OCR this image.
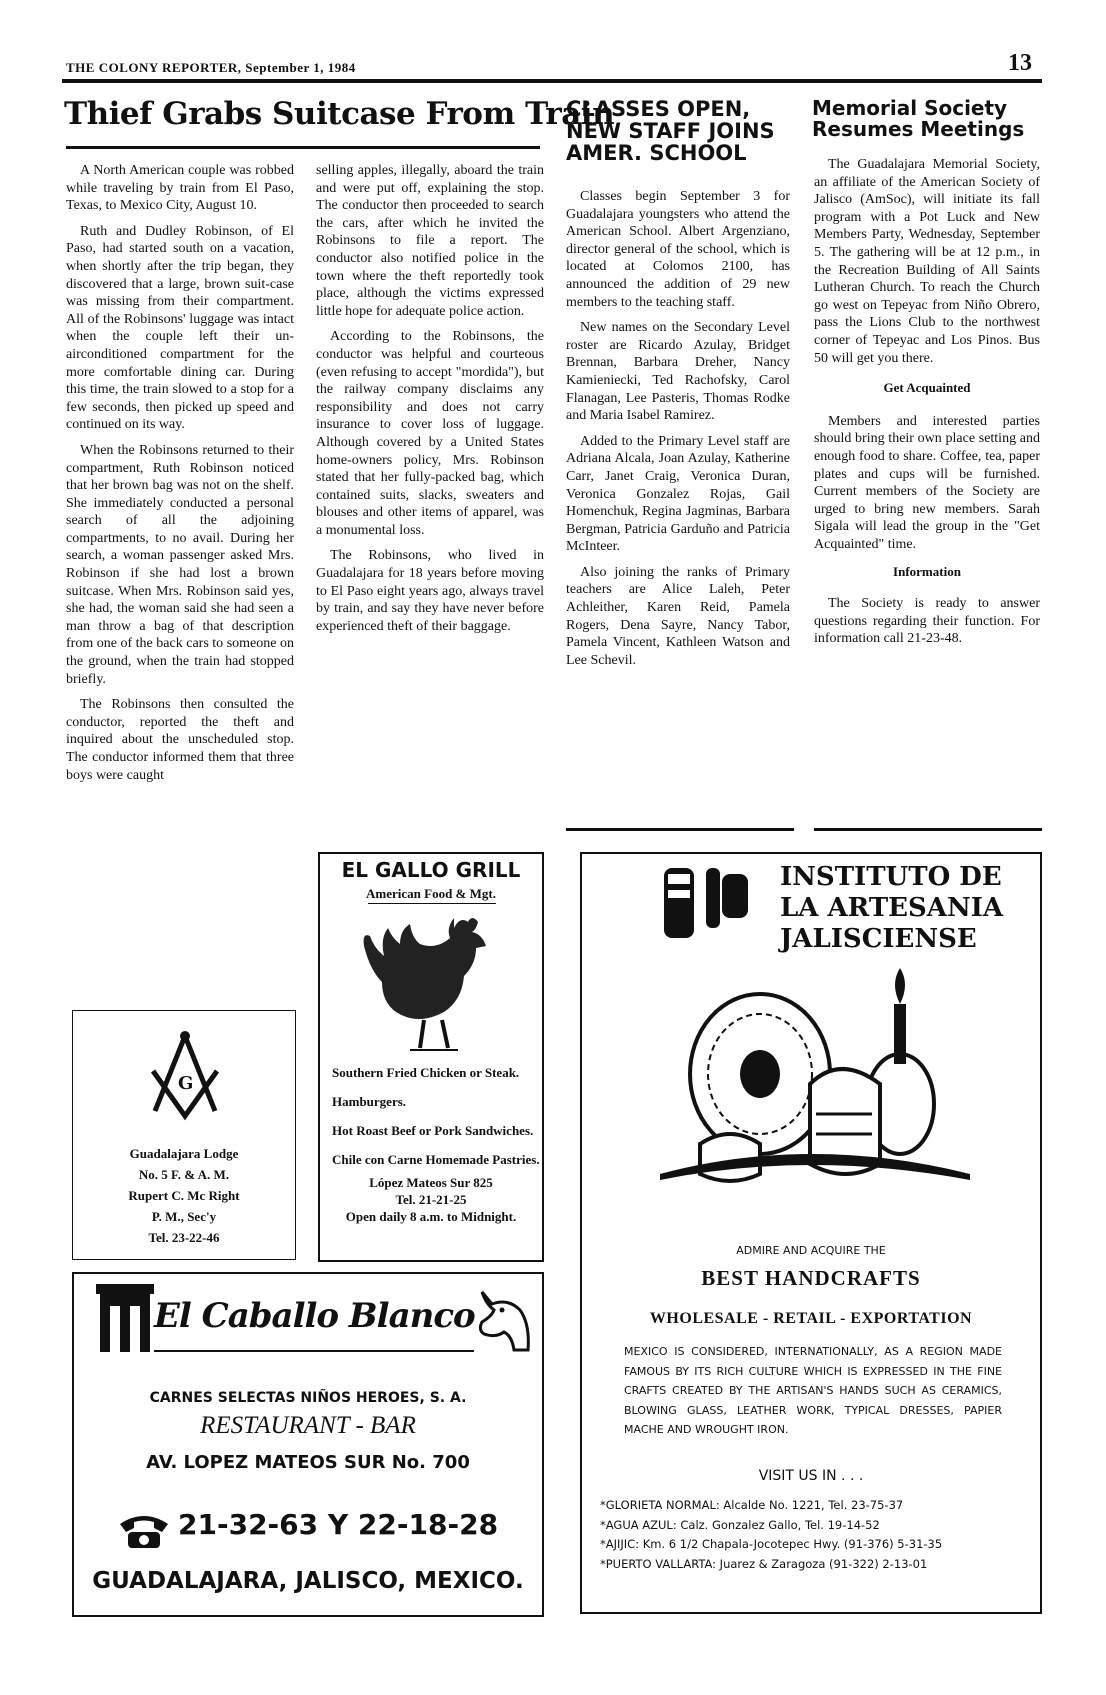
THE COLONY REPORTER, September 1, 1984	13
Thief Grabs Suitcase From Train

A North American couple was robbed while traveling by train from El Paso, Texas, to Mexico City, August 10.

Ruth and Dudley Robinson, of El Paso, had started south on a vacation, when shortly after the trip began, they discovered that a large, brown suit-case was missing from their compartment. All of the Robinsons' luggage was intact when the couple left their un-airconditioned compartment for the more comfortable dining car. During this time, the train slowed to a stop for a few seconds, then picked up speed and continued on its way.

When the Robinsons returned to their compartment, Ruth Robinson noticed that her brown bag was not on the shelf. She immediately conducted a personal search of all the adjoining compartments, to no avail. During her search, a woman passenger asked Mrs. Robinson if she had lost a brown suitcase. When Mrs. Robinson said yes, she had, the woman said she had seen a man throw a bag of that description from one of the back cars to someone on the ground, when the train had stopped briefly.

The Robinsons then consulted the conductor, reported the theft and inquired about the unscheduled stop. The conductor informed them that three boys were caught

selling apples, illegally, aboard the train and were put off, explaining the stop. The conductor then proceeded to search the cars, after which he invited the Robinsons to file a report. The conductor also notified police in the town where the theft reportedly took place, although the victims expressed little hope for adequate police action.

According to the Robinsons, the conductor was helpful and courteous (even refusing to accept "mordida"), but the railway company disclaims any responsibility and does not carry insurance to cover loss of luggage. Although covered by a United States home-owners policy, Mrs. Robinson stated that her fully-packed bag, which contained suits, slacks, sweaters and blouses and other items of apparel, was a monumental loss.

The Robinsons, who lived in Guadalajara for 18 years before moving to El Paso eight years ago, always travel by train, and say they have never before experienced theft of their baggage.

CLASSES OPEN, NEW STAFF JOINS AMER. SCHOOL

Classes begin September 3 for Guadalajara youngsters who attend the American School. Albert Argenziano, director general of the school, which is located at Colomos 2100, has announced the addition of 29 new members to the teaching staff.

New names on the Secondary Level roster are Ricardo Azulay, Bridget Brennan, Barbara Dreher, Nancy Kamieniecki, Ted Rachofsky, Carol Flanagan, Lee Pasteris, Thomas Rodke and Maria Isabel Ramirez.

Added to the Primary Level staff are Adriana Alcala, Joan Azulay, Katherine Carr, Janet Craig, Veronica Duran, Veronica Gonzalez Rojas, Gail Homenchuk, Regina Jagminas, Barbara Bergman, Patricia Garduño and Patricia McInteer.

Also joining the ranks of Primary teachers are Alice Laleh, Peter Achleither, Karen Reid, Pamela Rogers, Dena Sayre, Nancy Tabor, Pamela Vincent, Kathleen Watson and Lee Schevil.

Memorial Society Resumes Meetings

The Guadalajara Memorial Society, an affiliate of the American Society of Jalisco (AmSoc), will initiate its fall program with a Pot Luck and New Members Party, Wednesday, September 5. The gathering will be at 12 p.m., in the Recreation Building of All Saints Lutheran Church. To reach the Church go west on Tepeyac from Niño Obrero, pass the Lions Club to the northwest corner of Tepeyac and Los Pinos. Bus 50 will get you there.

Get Acquainted

Members and interested parties should bring their own place setting and enough food to share. Coffee, tea, paper plates and cups will be furnished. Current members of the Society are urged to bring new members. Sarah Sigala will lead the group in the "Get Acquainted" time.

Information

The Society is ready to answer questions regarding their function. For information call 21-23-48.

G
Guadalajara Lodge
No. 5 F. & A. M.
Rupert C. Mc Right
P. M., Sec'y
Tel. 23-22-46
EL GALLO GRILL
American Food & Mgt.
Southern Fried Chicken or Steak.
Hamburgers.
Hot Roast Beef or Pork Sandwiches.
Chile con Carne Homemade Pastries.
López Mateos Sur 825
Tel. 21-21-25
Open daily 8 a.m. to Midnight.
El Caballo Blanco
CARNES SELECTAS NIÑOS HEROES, S. A.
RESTAURANT - BAR
AV. LOPEZ MATEOS SUR No. 700
21-32-63 Y 22-18-28
GUADALAJARA, JALISCO, MEXICO.
INSTITUTO DE
LA ARTESANIA
JALISCIENSE
ADMIRE AND ACQUIRE THE
BEST HANDCRAFTS
WHOLESALE - RETAIL - EXPORTATION
MEXICO IS CONSIDERED, INTERNATIONALLY, AS A REGION MADE FAMOUS BY ITS RICH CULTURE WHICH IS EXPRESSED IN THE FINE CRAFTS CREATED BY THE ARTISAN'S HANDS SUCH AS CERAMICS, BLOWING GLASS, LEATHER WORK, TYPICAL DRESSES, PAPIER MACHE AND WROUGHT IRON.
VISIT US IN . . .
*GLORIETA NORMAL: Alcalde No. 1221, Tel. 23-75-37
*AGUA AZUL: Calz. Gonzalez Gallo, Tel. 19-14-52
*AJIJIC: Km. 6 1/2 Chapala-Jocotepec Hwy. (91-376) 5-31-35
*PUERTO VALLARTA: Juarez & Zaragoza (91-322) 2-13-01
